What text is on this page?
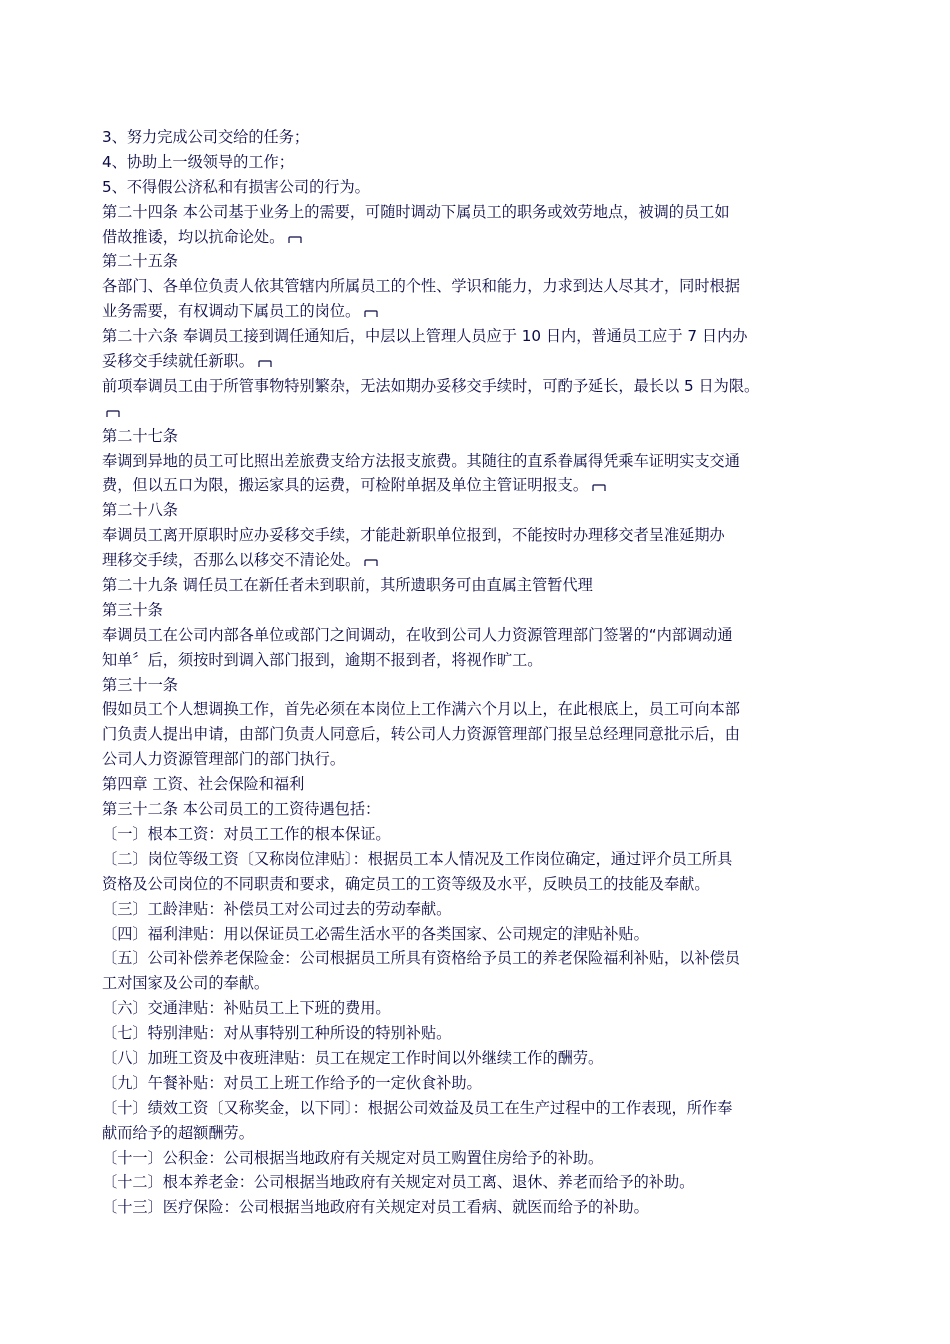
3、努力完成公司交给的任务；
4、协助上一级领导的工作；
5、不得假公济私和有损害公司的行为。
第二十四条 本公司基于业务上的需要，可随时调动下属员工的职务或效劳地点，被调的员工如
借故推诿，均以抗命论处。
第二十五条
各部门、各单位负责人依其管辖内所属员工的个性、学识和能力，力求到达人尽其才，同时根据
业务需要，有权调动下属员工的岗位。
第二十六条 奉调员工接到调任通知后，中层以上管理人员应于 10 日内，普通员工应于 7 日内办
妥移交手续就任新职。
前项奉调员工由于所管事物特别繁杂，无法如期办妥移交手续时，可酌予延长，最长以 5 日为限。
第二十七条
奉调到异地的员工可比照出差旅费支给方法报支旅费。其随往的直系眷属得凭乘车证明实支交通
费，但以五口为限，搬运家具的运费，可检附单据及单位主管证明报支。
第二十八条
奉调员工离开原职时应办妥移交手续，才能赴新职单位报到，不能按时办理移交者呈准延期办
理移交手续，否那么以移交不清论处。
第二十九条 调任员工在新任者未到职前，其所遗职务可由直属主管暂代理
第三十条
奉调员工在公司内部各单位或部门之间调动，在收到公司人力资源管理部门签署的“内部调动通
知单〞后，须按时到调入部门报到，逾期不报到者，将视作旷工。
第三十一条
假如员工个人想调换工作，首先必须在本岗位上工作满六个月以上，在此根底上，员工可向本部
门负责人提出申请，由部门负责人同意后，转公司人力资源管理部门报呈总经理同意批示后，由
公司人力资源管理部门的部门执行。
第四章 工资、社会保险和福利
第三十二条 本公司员工的工资待遇包括：
〔一〕根本工资：对员工工作的根本保证。
〔二〕岗位等级工资〔又称岗位津贴〕：根据员工本人情况及工作岗位确定，通过评介员工所具
资格及公司岗位的不同职责和要求，确定员工的工资等级及水平，反映员工的技能及奉献。
〔三〕工龄津贴：补偿员工对公司过去的劳动奉献。
〔四〕福利津贴：用以保证员工必需生活水平的各类国家、公司规定的津贴补贴。
〔五〕公司补偿养老保险金：公司根据员工所具有资格给予员工的养老保险福利补贴，以补偿员
工对国家及公司的奉献。
〔六〕交通津贴：补贴员工上下班的费用。
〔七〕特别津贴：对从事特别工种所设的特别补贴。
〔八〕加班工资及中夜班津贴：员工在规定工作时间以外继续工作的酬劳。
〔九〕午餐补贴：对员工上班工作给予的一定伙食补助。
〔十〕绩效工资〔又称奖金，以下同〕：根据公司效益及员工在生产过程中的工作表现，所作奉
献而给予的超额酬劳。
〔十一〕公积金：公司根据当地政府有关规定对员工购置住房给予的补助。
〔十二〕根本养老金：公司根据当地政府有关规定对员工离、退休、养老而给予的补助。
〔十三〕医疗保险：公司根据当地政府有关规定对员工看病、就医而给予的补助。
